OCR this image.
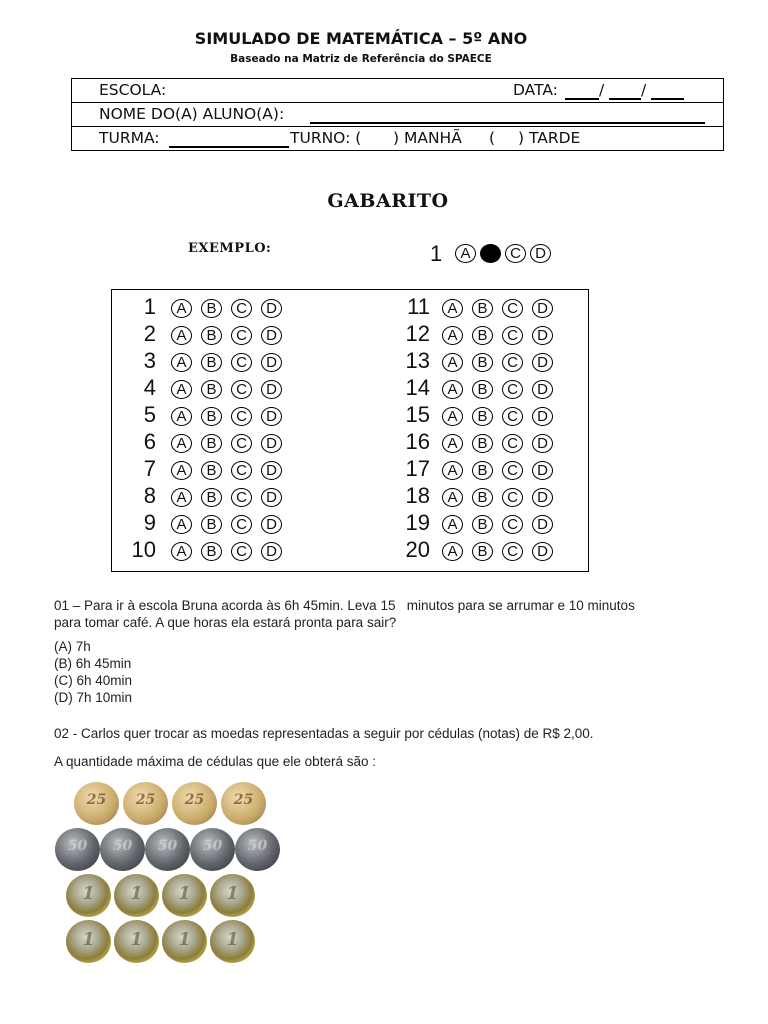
SIMULADO DE MATEMÁTICA – 5º ANO
Baseado na Matriz de Referência do SPAECE
ESCOLA:	DATA:	/ /
NOME DO(A) ALUNO(A):
TURMA:	TURNO: ( ) MANHÃ ( ) TARDE
GABARITO
EXEMPLO:	1	A	C D
1	A	B	C	D
2	A	B	C	D
3	A	B	C	D
4	A	B	C	D
5	A	B	C	D
6	A	B	C	D
7	A	B	C	D
8	A	B	C	D
9	A	B	C	D
10	A	B	C	D
11	A	B	C	D
12	A	B	C	D
13	A	B	C	D
14	A	B	C	D
15	A	B	C	D
16	A	B	C	D
17	A	B	C	D
18	A	B	C	D
19	A	B	C	D
20	A	B	C	D
01 – Para ir à escola Bruna acorda às 6h 45min. Leva 15   minutos para se arrumar e 10 minutos
para tomar café. A que horas ela estará pronta para sair?
(A) 7h
(B) 6h 45min
(C) 6h 40min
(D) 7h 10min
02 - Carlos quer trocar as moedas representadas a seguir por cédulas (notas) de R$ 2,00.
A quantidade máxima de cédulas que ele obterá são :
25	25	25	25
50	50	50	50	50
1	1	1	1
1	1	1	1
